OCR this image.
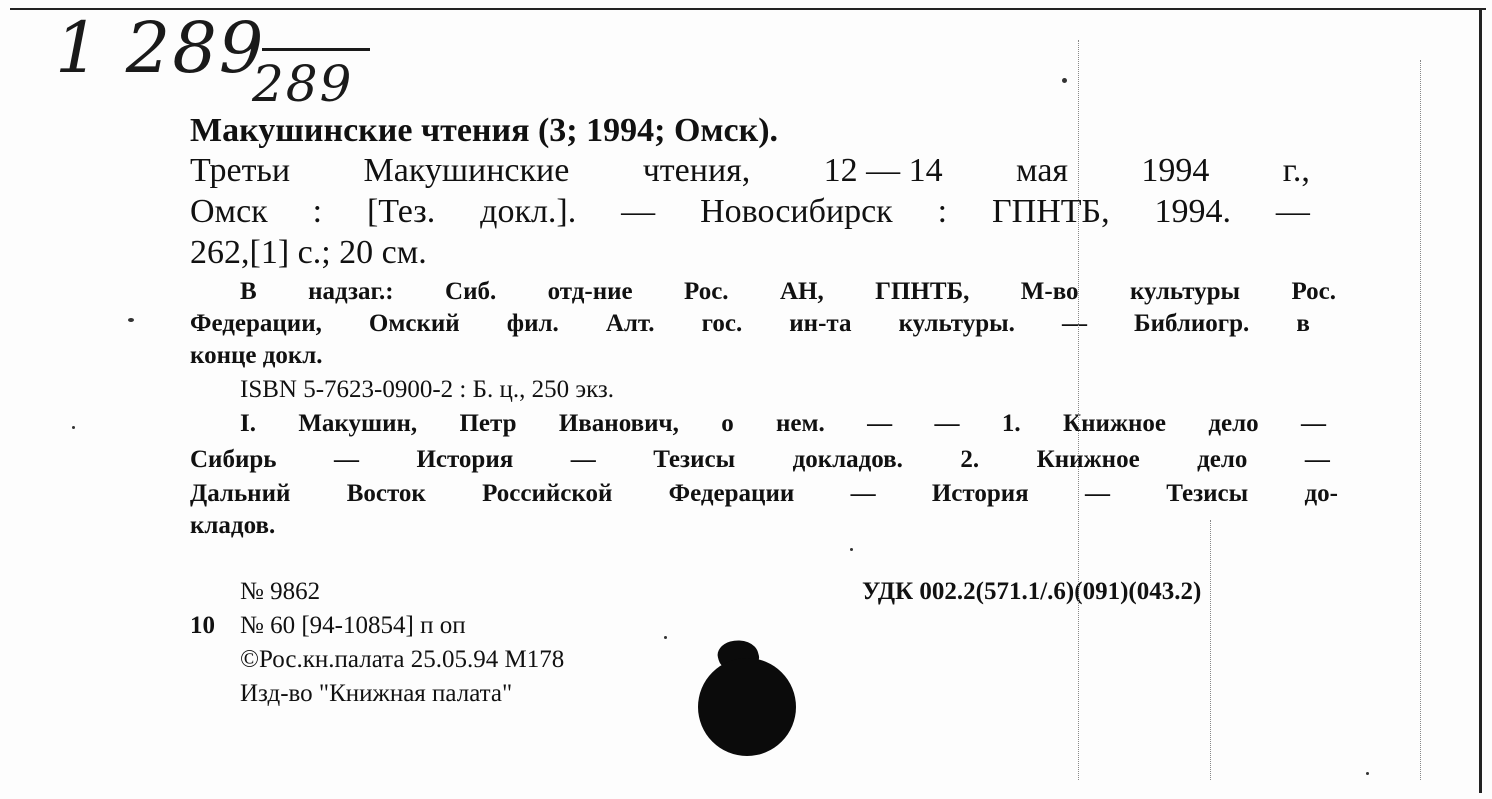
1 289
289
Макушинские чтения (3; 1994; Омск).
Третьи Макушинские чтения, 12 — 14 мая 1994 г.,
Омск : [Тез. докл.]. — Новосибирск : ГПНТБ, 1994. —
262,[1] с.; 20 см.
В надзаг.: Сиб. отд-ние Рос. АН, ГПНТБ, М-во культуры Рос.
Федерации, Омский фил. Алт. гос. ин-та культуры. — Библиогр. в
конце докл.
ISBN 5-7623-0900-2 : Б. ц., 250 экз.
I. Макушин, Петр Иванович, о нем. — — 1. Книжное дело —
Сибирь — История — Тезисы докладов. 2. Книжное дело —
Дальний Восток Российской Федерации — История — Тезисы до-
кладов.
№ 9862	УДК 002.2(571.1/.6)(091)(043.2)
10 № 60 [94-10854] п оп
©Рос.кн.палата 25.05.94 М178
Изд-во "Книжная палата"
